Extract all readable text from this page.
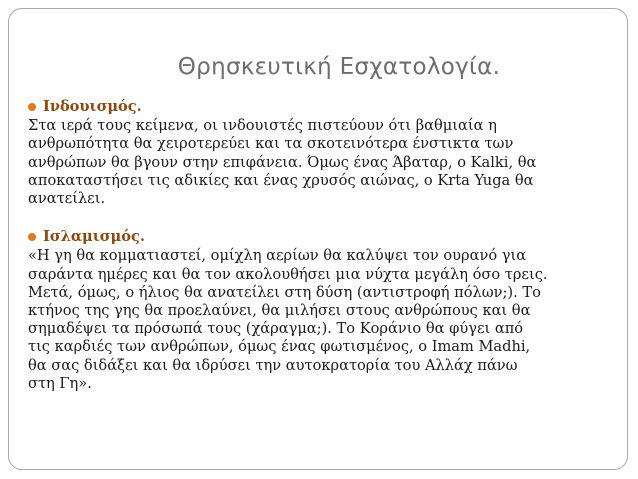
Θρησκευτική Εσχατολογία.
Ινδουισμός.

Στα ιερά τους κείμενα, οι ινδουιστές πιστεύουν ότι βαθμιαία η

ανθρωπότητα θα χειροτερεύει και τα σκοτεινότερα ένστικτα των

ανθρώπων θα βγουν στην επιφάνεια. Όμως ένας Άβαταρ, ο Kalki, θα

αποκαταστήσει τις αδικίες και ένας χρυσός αιώνας, ο Krta Yuga θα

ανατείλει.

Ισλαμισμός.

«Η γη θα κομματιαστεί, ομίχλη αερίων θα καλύψει τον ουρανό για

σαράντα ημέρες και θα τον ακολουθήσει μια νύχτα μεγάλη όσο τρεις.

Μετά, όμως, ο ήλιος θα ανατείλει στη δύση (αντιστροφή πόλων;). Το

κτήνος της γης θα προελαύνει, θα μιλήσει στους ανθρώπους και θα

σημαδέψει τα πρόσωπά τους (χάραγμα;). Το Κοράνιο θα φύγει από

τις καρδιές των ανθρώπων, όμως ένας φωτισμένος, ο Imam Madhi,

θα σας διδάξει και θα ιδρύσει την αυτοκρατορία του Αλλάχ πάνω

στη Γη».
